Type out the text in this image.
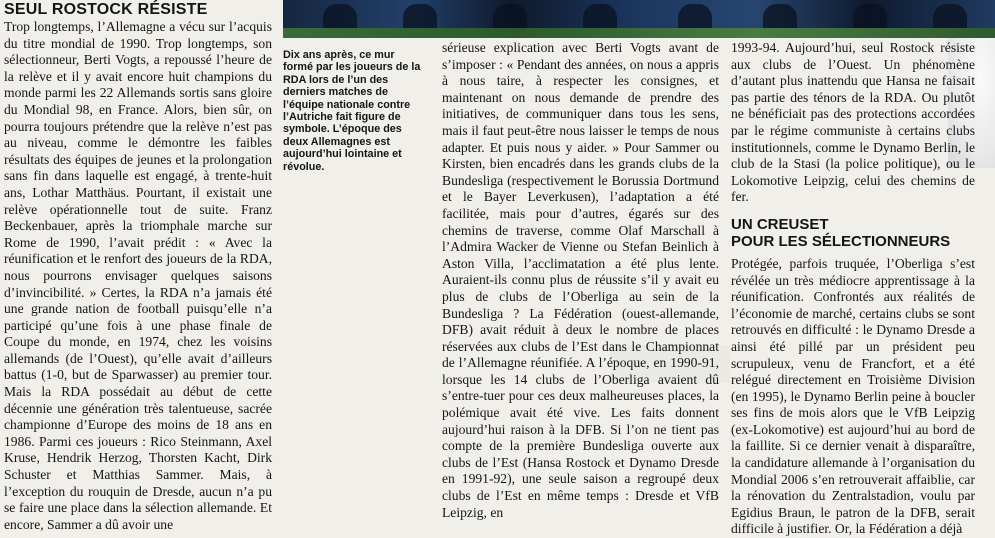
SEUL ROSTOCK RÉSISTE

Trop longtemps, l’Allemagne a vécu sur l’acquis du titre mondial de 1990. Trop longtemps, son sélectionneur, Berti Vogts, a repoussé l’heure de la relève et il y avait encore huit champions du monde parmi les 22 Allemands sortis sans gloire du Mondial 98, en France. Alors, bien sûr, on pourra toujours prétendre que la relève n’est pas au niveau, comme le démontre les faibles résultats des équipes de jeunes et la prolongation sans fin dans laquelle est engagé, à trente-huit ans, Lothar Matthäus. Pourtant, il existait une relève opérationnelle tout de suite. Franz Beckenbauer, après la triomphale marche sur Rome de 1990, l’avait prédit : « Avec la réunification et le renfort des joueurs de la RDA, nous pourrons envisager quelques saisons d’invincibilité. » Certes, la RDA n’a jamais été une grande nation de football puisqu’elle n’a participé qu’une fois à une phase finale de Coupe du monde, en 1974, chez les voisins allemands (de l’Ouest), qu’elle avait d’ailleurs battus (1-0, but de Sparwasser) au premier tour. Mais la RDA possédait au début de cette décennie une génération très talentueuse, sacrée championne d’Europe des moins de 18 ans en 1986. Parmi ces joueurs : Rico Steinmann, Axel Kruse, Hendrik Herzog, Thorsten Kacht, Dirk Schuster et Matthias Sammer. Mais, à l’exception du rouquin de Dresde, aucun n’a pu se faire une place dans la sélection allemande. Et encore, Sammer a dû avoir une

Dix ans après, ce mur formé par les joueurs de la RDA lors de l’un des derniers matches de l’équipe nationale contre l’Autriche fait figure de symbole. L’époque des deux Allemagnes est aujourd’hui lointaine et révolue.

sérieuse explication avec Berti Vogts avant de s’imposer : « Pendant des années, on nous a appris à nous taire, à respecter les consignes, et maintenant on nous demande de prendre des initiatives, de communiquer dans tous les sens, mais il faut peut-être nous laisser le temps de nous adapter. Et puis nous y aider. » Pour Sammer ou Kirsten, bien encadrés dans les grands clubs de la Bundesliga (respectivement le Borussia Dortmund et le Bayer Leverkusen), l’adaptation a été facilitée, mais pour d’autres, égarés sur des chemins de traverse, comme Olaf Marschall à l’Admira Wacker de Vienne ou Stefan Beinlich à Aston Villa, l’acclimatation a été plus lente. Auraient-ils connu plus de réussite s’il y avait eu plus de clubs de l’Oberliga au sein de la Bundesliga ? La Fédération (ouest-allemande, DFB) avait réduit à deux le nombre de places réservées aux clubs de l’Est dans le Championnat de l’Allemagne réunifiée. A l’époque, en 1990-91, lorsque les 14 clubs de l’Oberliga avaient dû s’entre-tuer pour ces deux malheureuses places, la polémique avait été vive. Les faits donnent aujourd’hui raison à la DFB. Si l’on ne tient pas compte de la première Bundesliga ouverte aux clubs de l’Est (Hansa Rostock et Dynamo Dresde en 1991-92), une seule saison a regroupé deux clubs de l’Est en même temps : Dresde et VfB Leipzig, en

1993-94. Aujourd’hui, seul Rostock résiste aux clubs de l’Ouest. Un phénomène d’autant plus inattendu que Hansa ne faisait pas partie des ténors de la RDA. Ou plutôt ne bénéficiait pas des protections accordées par le régime communiste à certains clubs institutionnels, comme le Dynamo Berlin, le club de la Stasi (la police politique), ou le Lokomotive Leipzig, celui des chemins de fer.

UN CREUSET
POUR LES SÉLECTIONNEURS

Protégée, parfois truquée, l’Oberliga s’est révélée un très médiocre apprentissage à la réunification. Confrontés aux réalités de l’économie de marché, certains clubs se sont retrouvés en difficulté : le Dynamo Dresde a ainsi été pillé par un président peu scrupuleux, venu de Francfort, et a été relégué directement en Troisième Division (en 1995), le Dynamo Berlin peine à boucler ses fins de mois alors que le VfB Leipzig (ex-Lokomotive) est aujourd’hui au bord de la faillite. Si ce dernier venait à disparaître, la candidature allemande à l’organisation du Mondial 2006 s’en retrouverait affaiblie, car la rénovation du Zentralstadion, voulu par Egidius Braun, le patron de la DFB, serait difficile à justifier. Or, la Fédération a déjà
